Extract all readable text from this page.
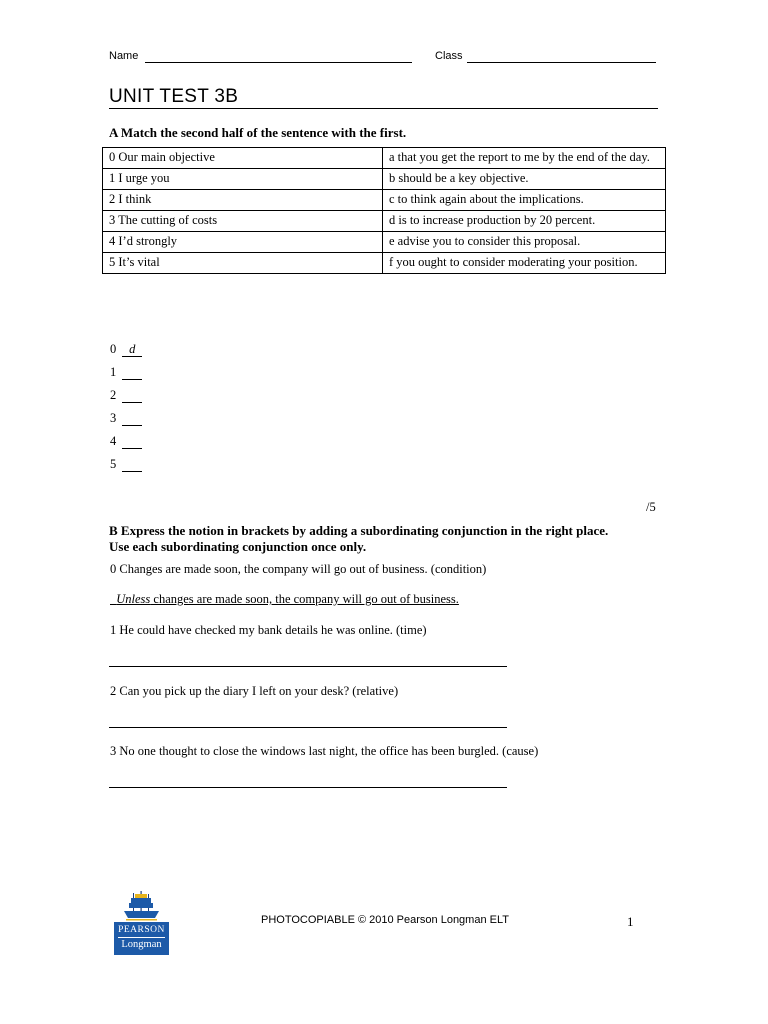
Name	Class
UNIT TEST 3B
A Match the second half of the sentence with the first.
0 Our main objective	a that you get the report to me by the end of the day.
1 I urge you	b should be a key objective.
2 I think	c to think again about the implications.
3 The cutting of costs	d is to increase production by 20 percent.
4 I’d strongly	e advise you to consider this proposal.
5 It’s vital	f you ought to consider moderating your position.
0 d
1
2
3
4
5
/5
B Express the notion in brackets by adding a subordinating conjunction in the right place. Use each subordinating conjunction once only.
0 Changes are made soon, the company will go out of business. (condition)
Unless changes are made soon, the company will go out of business.
1 He could have checked my bank details he was online. (time)
2 Can you pick up the diary I left on your desk? (relative)
3 No one thought to close the windows last night, the office has been burgled. (cause)
PEARSON
Longman
PHOTOCOPIABLE © 2010 Pearson Longman ELT	1
